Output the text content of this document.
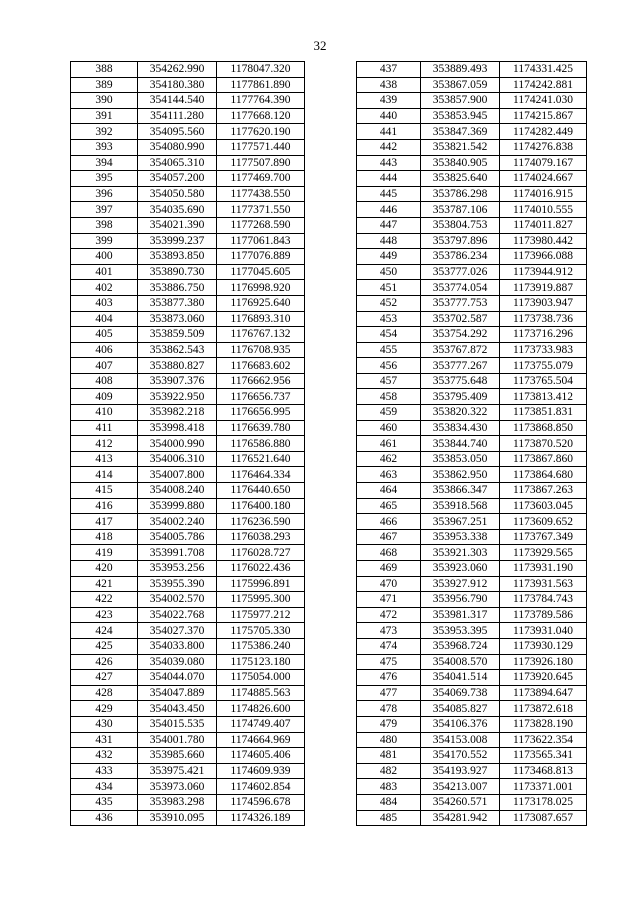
32
388	354262.990	1178047.320
389	354180.380	1177861.890
390	354144.540	1177764.390
391	354111.280	1177668.120
392	354095.560	1177620.190
393	354080.990	1177571.440
394	354065.310	1177507.890
395	354057.200	1177469.700
396	354050.580	1177438.550
397	354035.690	1177371.550
398	354021.390	1177268.590
399	353999.237	1177061.843
400	353893.850	1177076.889
401	353890.730	1177045.605
402	353886.750	1176998.920
403	353877.380	1176925.640
404	353873.060	1176893.310
405	353859.509	1176767.132
406	353862.543	1176708.935
407	353880.827	1176683.602
408	353907.376	1176662.956
409	353922.950	1176656.737
410	353982.218	1176656.995
411	353998.418	1176639.780
412	354000.990	1176586.880
413	354006.310	1176521.640
414	354007.800	1176464.334
415	354008.240	1176440.650
416	353999.880	1176400.180
417	354002.240	1176236.590
418	354005.786	1176038.293
419	353991.708	1176028.727
420	353953.256	1176022.436
421	353955.390	1175996.891
422	354002.570	1175995.300
423	354022.768	1175977.212
424	354027.370	1175705.330
425	354033.800	1175386.240
426	354039.080	1175123.180
427	354044.070	1175054.000
428	354047.889	1174885.563
429	354043.450	1174826.600
430	354015.535	1174749.407
431	354001.780	1174664.969
432	353985.660	1174605.406
433	353975.421	1174609.939
434	353973.060	1174602.854
435	353983.298	1174596.678
436	353910.095	1174326.189
437	353889.493	1174331.425
438	353867.059	1174242.881
439	353857.900	1174241.030
440	353853.945	1174215.867
441	353847.369	1174282.449
442	353821.542	1174276.838
443	353840.905	1174079.167
444	353825.640	1174024.667
445	353786.298	1174016.915
446	353787.106	1174010.555
447	353804.753	1174011.827
448	353797.896	1173980.442
449	353786.234	1173966.088
450	353777.026	1173944.912
451	353774.054	1173919.887
452	353777.753	1173903.947
453	353702.587	1173738.736
454	353754.292	1173716.296
455	353767.872	1173733.983
456	353777.267	1173755.079
457	353775.648	1173765.504
458	353795.409	1173813.412
459	353820.322	1173851.831
460	353834.430	1173868.850
461	353844.740	1173870.520
462	353853.050	1173867.860
463	353862.950	1173864.680
464	353866.347	1173867.263
465	353918.568	1173603.045
466	353967.251	1173609.652
467	353953.338	1173767.349
468	353921.303	1173929.565
469	353923.060	1173931.190
470	353927.912	1173931.563
471	353956.790	1173784.743
472	353981.317	1173789.586
473	353953.395	1173931.040
474	353968.724	1173930.129
475	354008.570	1173926.180
476	354041.514	1173920.645
477	354069.738	1173894.647
478	354085.827	1173872.618
479	354106.376	1173828.190
480	354153.008	1173622.354
481	354170.552	1173565.341
482	354193.927	1173468.813
483	354213.007	1173371.001
484	354260.571	1173178.025
485	354281.942	1173087.657
